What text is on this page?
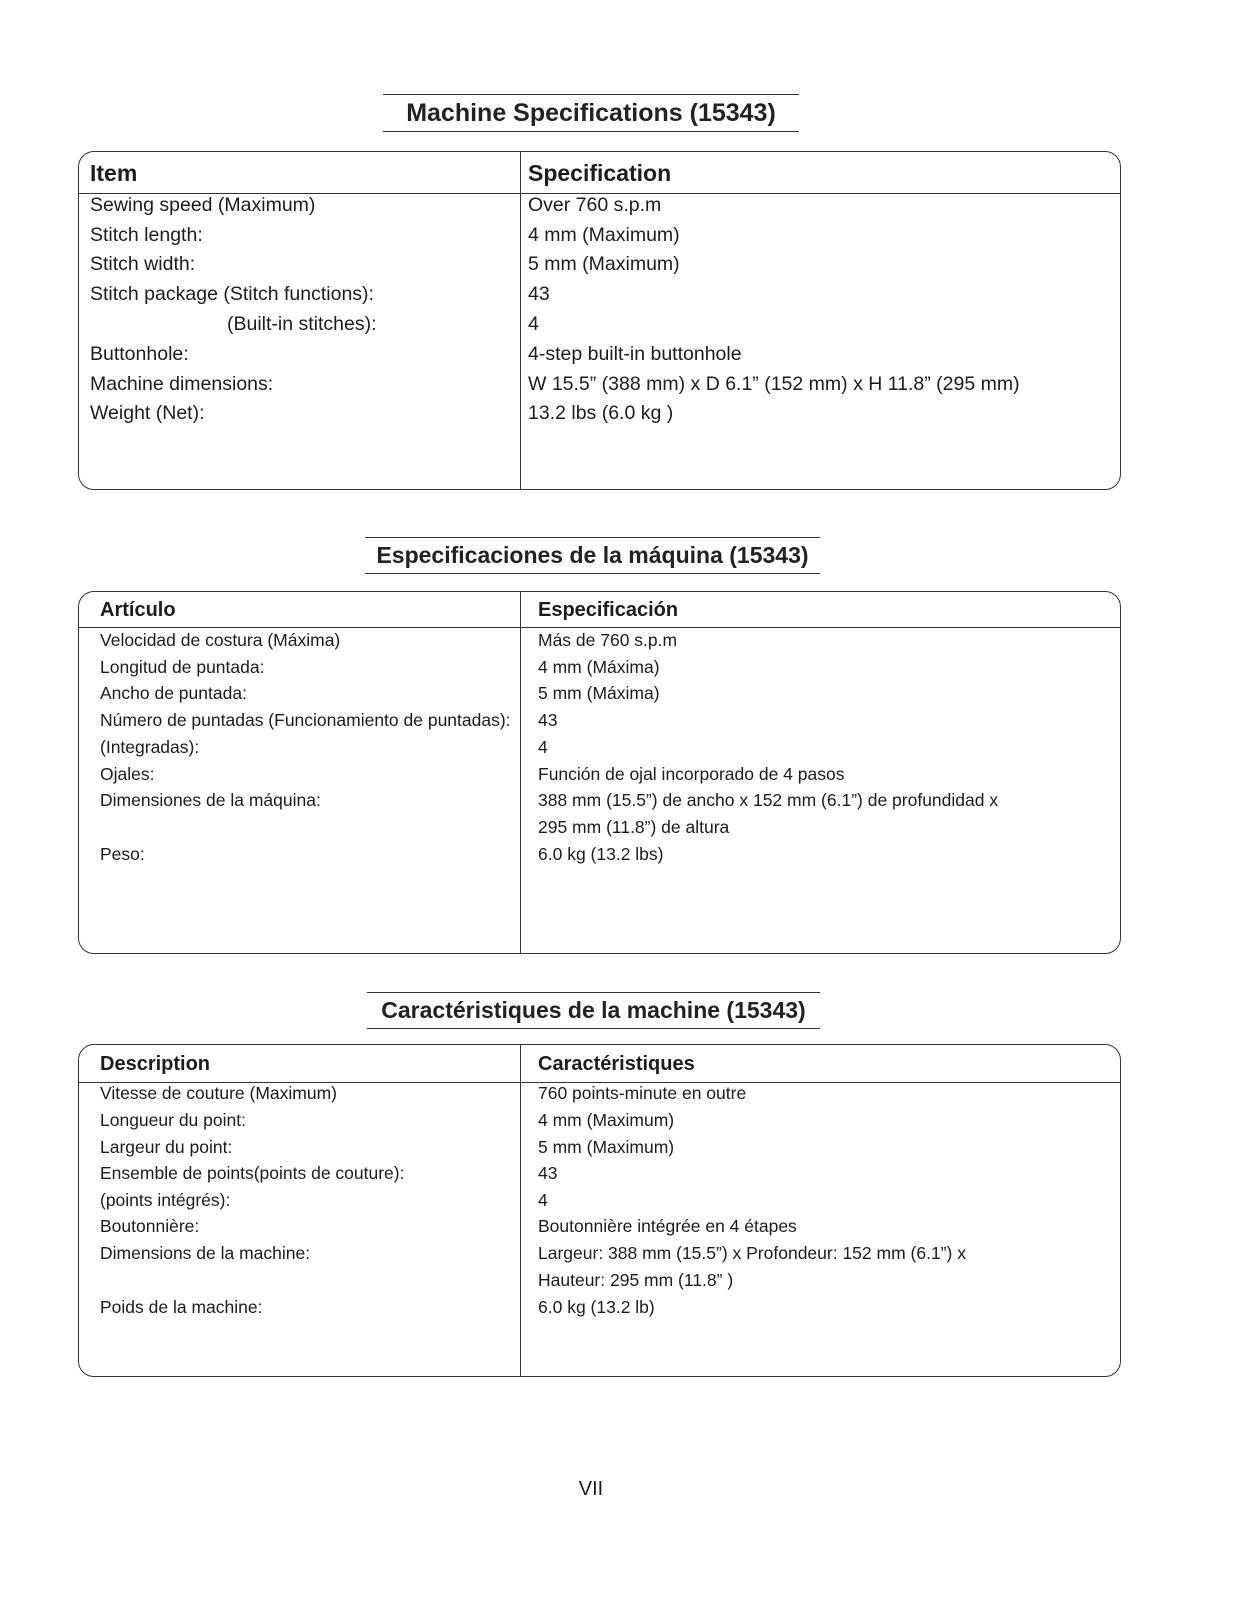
Machine Specifications (15343)
Item	Specification
Sewing speed (Maximum)	Over 760 s.p.m
Stitch length:	4 mm (Maximum)
Stitch width:	5 mm (Maximum)
Stitch package (Stitch functions):	43
(Built-in stitches):	4
Buttonhole:	4-step built-in buttonhole
Machine dimensions:	W 15.5” (388 mm) x D 6.1” (152 mm) x H 11.8” (295 mm)
Weight (Net):	13.2 lbs (6.0 kg )
Especificaciones de la máquina (15343)
Artículo	Especificación
Velocidad de costura (Máxima)	Más de 760 s.p.m
Longitud de puntada:	4 mm (Máxima)
Ancho de puntada:	5 mm (Máxima)
Número de puntadas (Funcionamiento de puntadas): 43
(Integradas):	4
Ojales:	Función de ojal incorporado de 4 pasos
Dimensiones de la máquina:	388 mm (15.5”) de ancho x 152 mm (6.1”) de profundidad x
295 mm (11.8”) de altura
Peso:	6.0 kg (13.2 lbs)
Caractéristiques de la machine (15343)
Description	Caractéristiques
Vitesse de couture (Maximum)	760 points-minute en outre
Longueur du point:	4 mm (Maximum)
Largeur du point:	5 mm (Maximum)
Ensemble de points(points de couture):	43
(points intégrés):	4
Boutonnière:	Boutonnière intégrée en 4 étapes
Dimensions de la machine:	Largeur: 388 mm (15.5”) x Profondeur: 152 mm (6.1”) x
Hauteur: 295 mm (11.8” )
Poids de la machine:	6.0 kg (13.2 lb)
VII
